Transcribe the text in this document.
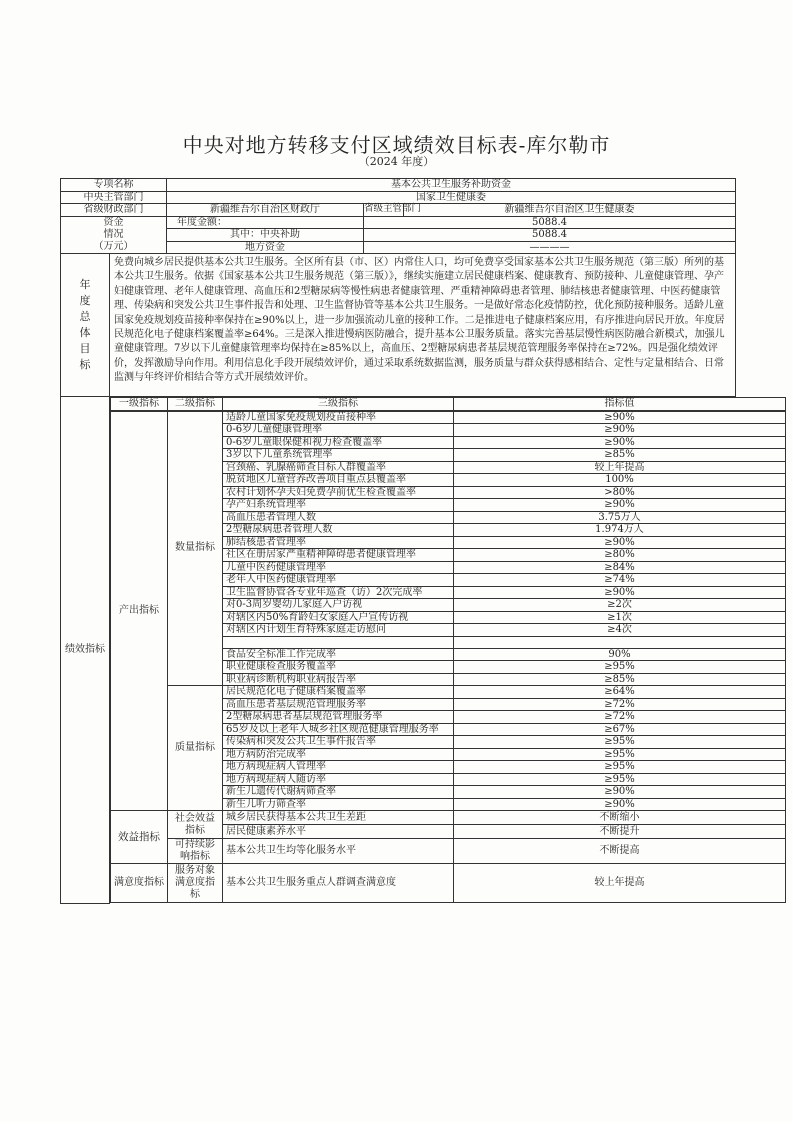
中央对地方转移支付区域绩效目标表-库尔勒市
（2024 年度）
专项名称	基本公共卫生服务补助资金
中央主管部门	国家卫生健康委
省级财政部门	新疆维吾尔自治区财政厅	省级主管部门	新疆维吾尔自治区卫生健康委

资金
情况
（万元）
	年度金额：	5088.4
其中：中央补助	5088.4
地方资金	————
年度总体目标	免费向城乡居民提供基本公共卫生服务。全区所有县（市、区）内常住人口，均可免费享受国家基本公共卫生服务规范（第三版）所列的基本公共卫生服务。依据《国家基本公共卫生服务规范（第三版）》，继续实施建立居民健康档案、健康教育、预防接种、儿童健康管理、孕产妇健康管理、老年人健康管理、高血压和2型糖尿病等慢性病患者健康管理、严重精神障碍患者管理、肺结核患者健康管理、中医药健康管理、传染病和突发公共卫生事件报告和处理、卫生监督协管等基本公共卫生服务。一是做好常态化疫情防控，优化预防接种服务。适龄儿童国家免疫规划疫苗接种率保持在≥90%以上，进一步加强流动儿童的接种工作。二是推进电子健康档案应用，有序推进向居民开放。年度居民规范化电子健康档案覆盖率≥64%。三是深入推进慢病医防融合，提升基本公卫服务质量。落实完善基层慢性病医防融合新模式，加强儿童健康管理。7岁以下儿童健康管理率均保持在≥85%以上，高血压、2型糖尿病患者基层规范管理服务率保持在≥72%。四是强化绩效评价，发挥激励导向作用。利用信息化手段开展绩效评价，通过采取系统数据监测，服务质量与群众获得感相结合、定性与定量相结合、日常监测与年终评价相结合等方式开展绩效评价。
绩效指标	
一级指标	二级指标	三级指标	指标值

产出指标	数量指标	适龄儿童国家免疫规划疫苗接种率	≥90%
0-6岁儿童健康管理率	≥90%
0-6岁儿童眼保健和视力检查覆盖率	≥90%
3岁以下儿童系统管理率	≥85%
宫颈癌、乳腺癌筛查目标人群覆盖率	较上年提高
脱贫地区儿童营养改善项目重点县覆盖率	100%
农村计划怀孕夫妇免费孕前优生检查覆盖率	>80%
孕产妇系统管理率	≥90%
高血压患者管理人数	3.75万人
2型糖尿病患者管理人数	1.974万人
肺结核患者管理率	≥90%
社区在册居家严重精神障碍患者健康管理率	≥80%
儿童中医药健康管理率	≥84%
老年人中医药健康管理率	≥74%
卫生监督协管各专业年巡查（访）2次完成率	≥90%
对0-3周岁婴幼儿家庭入户访视	≥2次
对辖区内50%育龄妇女家庭入户宣传访视	≥1次
对辖区内计划生育特殊家庭走访慰问	≥4次

食品安全标准工作完成率	90%
职业健康检查服务覆盖率	≥95%
职业病诊断机构职业病报告率	≥85%
质量指标	居民规范化电子健康档案覆盖率	≥64%
高血压患者基层规范管理服务率	≥72%
2型糖尿病患者基层规范管理服务率	≥72%
65岁及以上老年人城乡社区规范健康管理服务率	≥67%
传染病和突发公共卫生事件报告率	≥95%
地方病防治完成率	≥95%
地方病现症病人管理率	≥95%
地方病现症病人随访率	≥95%
新生儿遗传代谢病筛查率	≥90%
新生儿听力筛查率	≥90%
效益指标	社会效益指标	城乡居民获得基本公共卫生差距	不断缩小
居民健康素养水平	不断提升
可持续影响指标	基本公共卫生均等化服务水平	不断提高
满意度指标	服务对象满意度指标	基本公共卫生服务重点人群调查满意度	较上年提高
